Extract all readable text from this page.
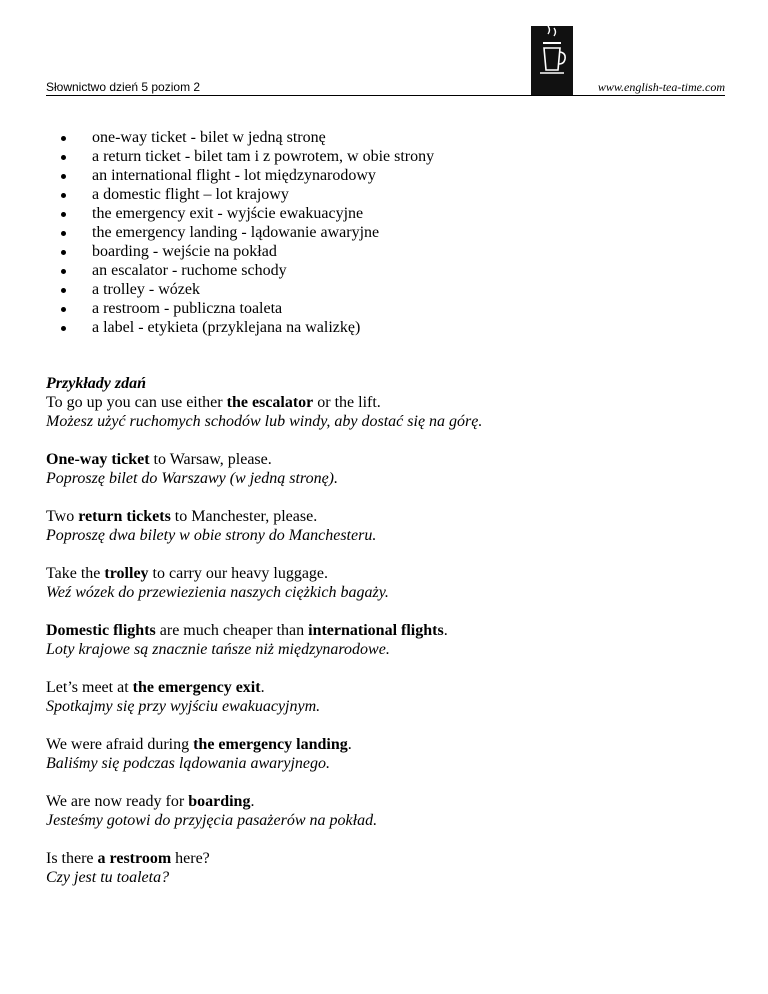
Słownictwo dzień 5 poziom 2	www.english-tea-time.com
one-way ticket - bilet w jedną stronę
a return ticket - bilet tam i z powrotem, w obie strony
an international flight - lot międzynarodowy
a domestic flight – lot krajowy
the emergency exit - wyjście ewakuacyjne
the emergency landing - lądowanie awaryjne
boarding - wejście na pokład
an escalator - ruchome schody
a trolley - wózek
a restroom - publiczna toaleta
a label - etykieta (przyklejana na walizkę)
Przykłady zdań
To go up you can use either the escalator or the lift.
Możesz użyć ruchomych schodów lub windy, aby dostać się na górę.
One-way ticket to Warsaw, please.
Poproszę bilet do Warszawy (w jedną stronę).
Two return tickets to Manchester, please.
Poproszę dwa bilety w obie strony do Manchesteru.
Take the trolley to carry our heavy luggage.
Weź wózek do przewiezienia naszych ciężkich bagaży.
Domestic flights are much cheaper than international flights.
Loty krajowe są znacznie tańsze niż międzynarodowe.
Let’s meet at the emergency exit.
Spotkajmy się przy wyjściu ewakuacyjnym.
We were afraid during the emergency landing.
Baliśmy się podczas lądowania awaryjnego.
We are now ready for boarding.
Jesteśmy gotowi do przyjęcia pasażerów na pokład.
Is there a restroom here?
Czy jest tu toaleta?
